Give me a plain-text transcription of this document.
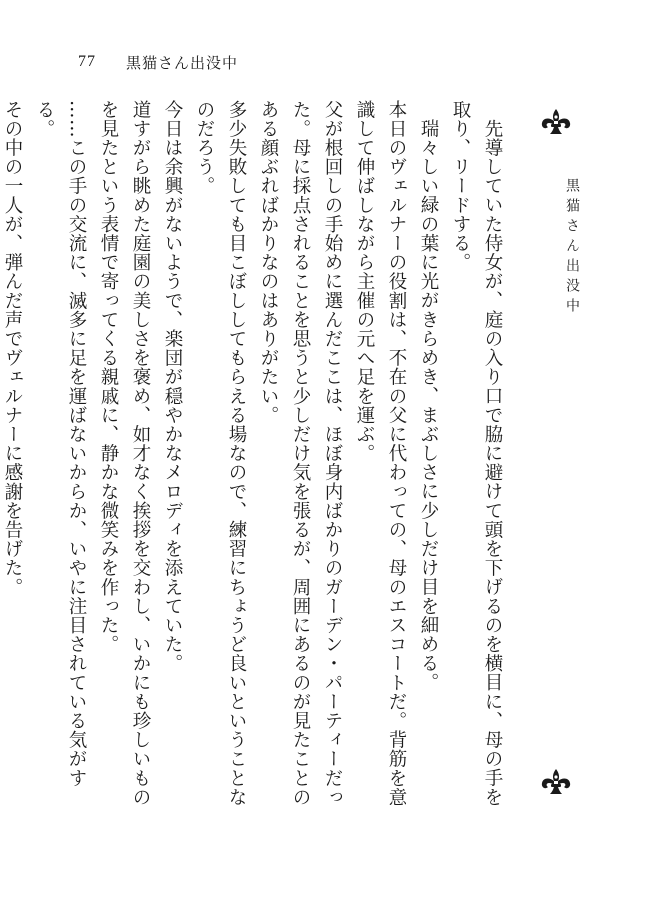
77 黒猫さん出没中
黒猫さん出没中

先導していた侍女が、庭の入り口で脇に避けて頭を下げるのを横目に、母の手を取り、リードする。

瑞々しい緑の葉に光がきらめき、まぶしさに少しだけ目を細める。

本日のヴェルナーの役割は、不在の父に代わっての、母のエスコートだ。背筋を意識して伸ばしながら主催の元へ足を運ぶ。

父が根回しの手始めに選んだここは、ほぼ身内ばかりのガーデン・パーティーだった。母に採点されることを思うと少しだけ気を張るが、周囲にあるのが見たことのある顔ぶればかりなのはありがたい。

多少失敗しても目こぼししてもらえる場なので、練習にちょうど良いということなのだろう。

今日は余興がないようで、楽団が穏やかなメロディを添えていた。

道すがら眺めた庭園の美しさを褒め、如才なく挨拶を交わし、いかにも珍しいものを見たという表情で寄ってくる親戚に、静かな微笑みを作った。

……この手の交流に、滅多に足を運ばないからか、いやに注目されている気がする。

その中の一人が、弾んだ声でヴェルナーに感謝を告げた。
